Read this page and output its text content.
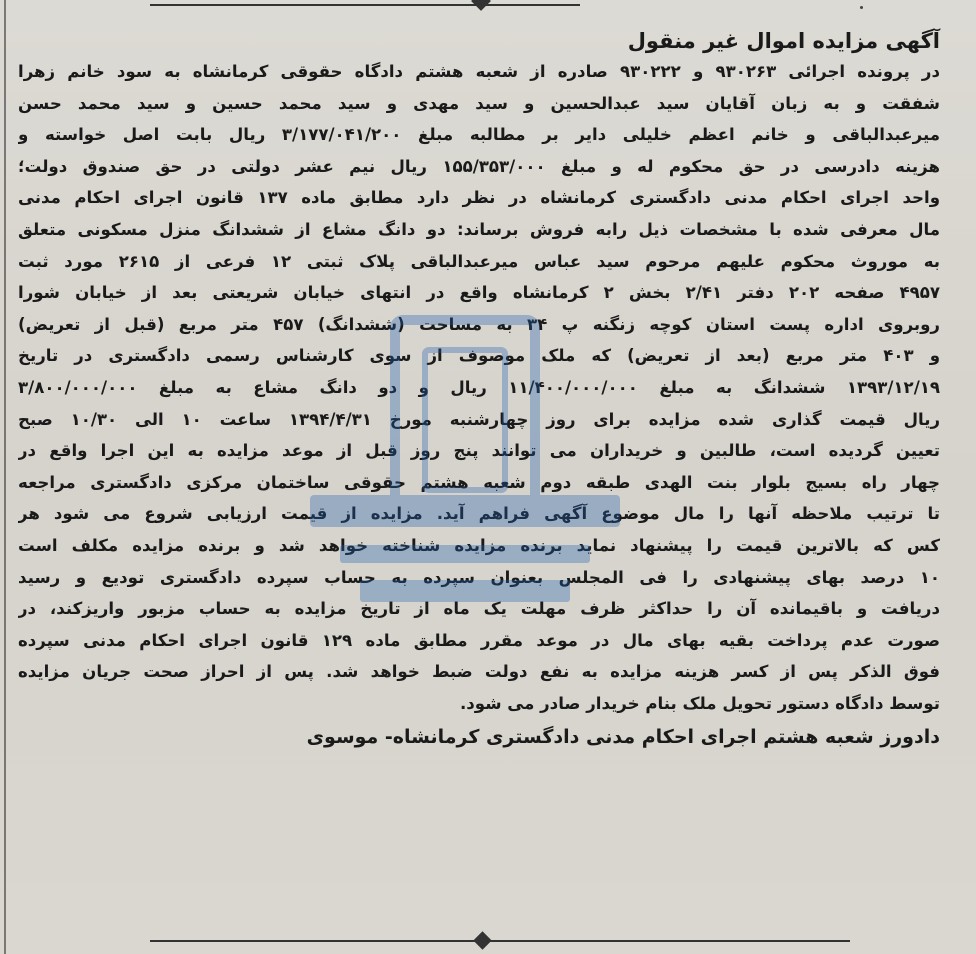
آگهی مزایده اموال غیر منقول
در پرونده اجرائی ۹۳۰۲۶۳ و ۹۳۰۲۲۲ صادره از شعبه هشتم دادگاه حقوقی کرمانشاه به سود خانم زهرا
شفقت و به زبان آقایان سید عبدالحسین و سید مهدی و سید محمد حسین و سید محمد حسن
میرعبدالباقی و خانم اعظم خلیلی دایر بر مطالبه مبلغ ۳/۱۷۷/۰۴۱/۲۰۰ ریال بابت اصل خواسته و
هزینه دادرسی در حق محکوم له و مبلغ ۱۵۵/۳۵۳/۰۰۰ ریال نیم عشر دولتی در حق صندوق دولت؛
واحد اجرای احکام مدنی دادگستری کرمانشاه در نظر دارد مطابق ماده ۱۳۷ قانون اجرای احکام مدنی
مال معرفی شده با مشخصات ذیل رابه فروش برساند: دو دانگ مشاع از ششدانگ منزل مسکونی متعلق
به موروث محکوم علیهم مرحوم سید عباس میرعبدالباقی پلاک ثبتی ۱۲ فرعی از ۲۶۱۵ مورد ثبت
۴۹۵۷ صفحه ۲۰۲ دفتر ۲/۴۱ بخش ۲ کرمانشاه واقع در انتهای خیابان شریعتی بعد از خیابان شورا
روبروی اداره پست استان کوچه زنگنه پ ۳۴ به مساحت (ششدانگ) ۴۵۷ متر مربع (قبل از تعریض)
و ۴۰۳ متر مربع (بعد از تعریض) که ملک موصوف از سوی کارشناس رسمی دادگستری در تاریخ
۱۳۹۳/۱۲/۱۹ ششدانگ به مبلغ ۱۱/۴۰۰/۰۰۰/۰۰۰ ریال و دو دانگ مشاع به مبلغ ۳/۸۰۰/۰۰۰/۰۰۰
ریال قیمت گذاری شده مزایده برای روز چهارشنبه مورخ ۱۳۹۴/۴/۳۱ ساعت ۱۰ الی ۱۰/۳۰ صبح
تعیین گردیده است، طالبین و خریداران می توانند پنج روز قبل از موعد مزایده به این اجرا واقع در
چهار راه بسیج بلوار بنت الهدی طبقه دوم شعبه هشتم حقوقی ساختمان مرکزی دادگستری مراجعه
تا ترتیب ملاحظه آنها را مال موضوع آگهی فراهم آید. مزایده از قیمت ارزیابی شروع می شود هر
کس که بالاترین قیمت را پیشنهاد نماید برنده مزایده شناخته خواهد شد و برنده مزایده مکلف است
۱۰ درصد بهای پیشنهادی را فی المجلس بعنوان سپرده به حساب سپرده دادگستری تودیع و رسید
دریافت و باقیمانده آن را حداکثر ظرف مهلت یک ماه از تاریخ مزایده به حساب مزبور واریزکند، در
صورت عدم پرداخت بقیه بهای مال در موعد مقرر مطابق ماده ۱۲۹ قانون اجرای احکام مدنی سپرده
فوق الذکر پس از کسر هزینه مزایده به نفع دولت ضبط خواهد شد. پس از احراز صحت جریان مزایده
توسط دادگاه دستور تحویل ملک بنام خریدار صادر می شود.
دادورز شعبه هشتم اجرای احکام مدنی دادگستری کرمانشاه- موسوی
